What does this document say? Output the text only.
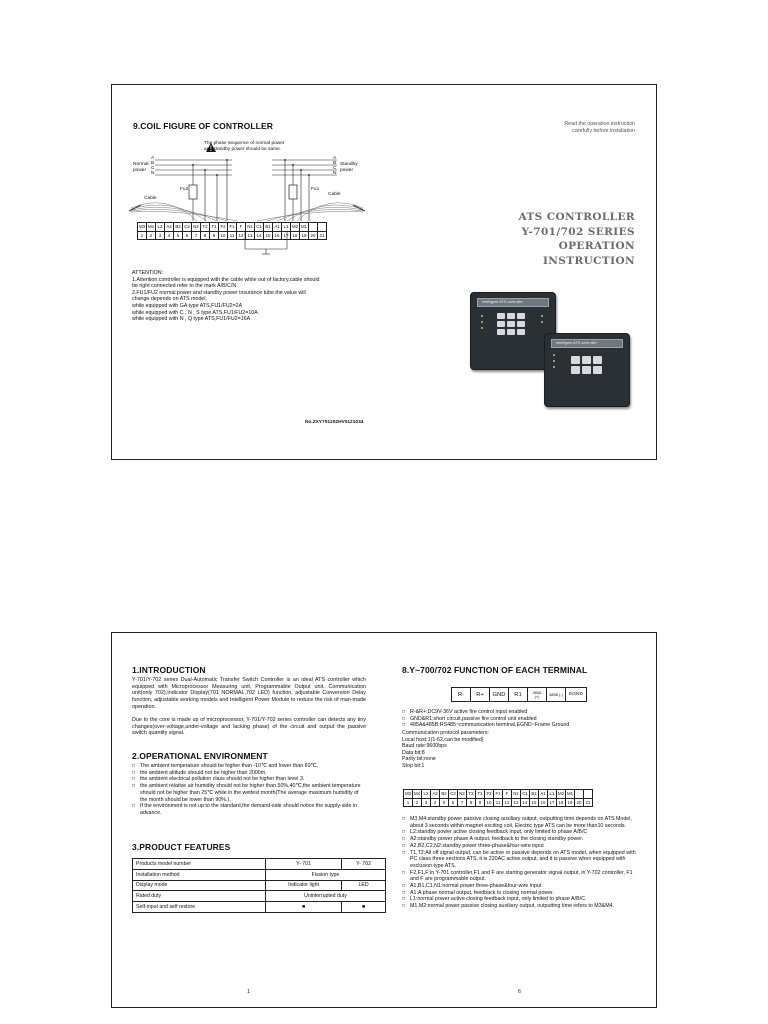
9.COIL FIGURE OF CONTROLLER
The phase sequence of normal power
and standby power should be same.
Normal
power
A
B
C
N
A
B
C
N
Standby
power
Fu2	Fu1
Cable
Cable
M3	M4	L2	A2	B2	C2	N2	T2	T1	F2	F1	F	N1	C1	B1	A1	L1	M2	M1		
1	2	3	4	5	6	7	8	9	10	11	12	13	14	15	16	17	18	19	20	21
ATTENTION:
1.Attention:controller is equipped with the cable while out of factory,cable should
be right connected refer to the mark A/B/C/N.
2.FU1/FU2 normal power and standby power insurance tube,the value will
change depends on ATS model.
while equipped with GA type ATS,FU1/FU2=2A
while equipped with C , N , S type ATS,FU1/FU2=10A
while equipped with N , Q type ATS,FU1/FU2=16A
No.ZXY701202HV0121034
Read the operation instruction
carefully before installation
ATS CONTROLLER
Y-701/702 SERIES
OPERATION
INSTRUCTION
Intelligent ATS controller
Intelligent ATS controller
1.INTRODUCTION
Y-701/Y-702 series Dual-Automatic Transfer Switch Controller is an ideal ATS controller which equipped with Microprocessor Measuring unit, Programmable Output unit, Communication unit(only 702),Indicator Display(701 NORMAL,702 LED) function, adjustable Conversion Delay function, adjustable working models and Intelligent Power Module to reduce the risk of man-made operation.
Due to the core is made up of microprocessor, Y-701/Y-702 series controller can detects any tiny changes(over-voltage,under-voltage and lacking phase) of the circuit and output the passive switch quantity signal.
2.OPERATIONAL ENVIRONMENT
□ The ambient temperature should be higher than -10℃ and lower than 60℃.
□ the ambient altitude should not be higher than 2000m.
□ the ambient electrical pollution class should not be higher than level 3.
□ the ambient relative air humidity should not be higher than 50%,40℃,the ambient temperature should not be higher than 25℃ while in the wettest month(The average maximum humidity of the month should be lower than 90%.).
□ If the environment is not up to the standard,the demand-side should notice the supply-side in advance.
3.PRODUCT FEATURES
Products model number	Y- 701	Y- 702
Installation method	Fission type	
Display mode	Indicator light	LED
Rated duty	Uninterrupted duty	
Self-input and self restore	■	■
1
8.Y~700/702 FUNCTION OF EACH TERMINAL
R-	R+	GND	R1	485A (+)	485B (-)	EGND
□ R-&R+:DC9V-36V active fire control input enabled
□ GND&R1:short circuit,passive fire control unit enabled
□ 485A&485B:RS485~communication terminal,EGND~Frame Ground
Communication protocol parameters:
Local host:1(1-62,can be modified)
Baud rate:9600bps
Data bit:8
Parity bit:none
Stop bit:1
M3	M4	L2	A2	B2	C2	N2	T2	T1	F2	F1	F	N1	C1	B1	A1	L1	M2	M1		
1	2	3	4	5	6	7	8	9	10	11	12	13	14	15	16	17	18	19	20	21
□ M3,M4:standby power passive closing auxiliary output, outputting time depends on ATS Model, about 3 seconds within magnet exciting coil, Electric type ATS can be more than10 seconds.
□ L2:standby power active closing feedback input, only limited to phase A/B/C
□ A2:standby power phase A output, feedback to the closing standby power.
□ A2,B2,C2,N2:standby power three-phase&four-wire input
□ T1,T2:All off signal output, can be active or passive depends on ATS model, when equipped with PC class three sections ATS, it is 220AC active output, and it is passive when equipped with exclusion type ATS.
□ F2,F1,F:in Y-701 controller,F1 and F are starting generator signal output, in Y-702 controller, F1 and F are programmable output.
□ A1,B1,C1,N1:normal power three-phase&four-wire input
□ A1:A phase normal output, feedback to closing normal power.
□ L1:normal power active closing feedback input, only limited to phase A/B/C.
□ M1,M2:normal power passive closing auxiliary output, outputting time refers to M3&M4.
6
